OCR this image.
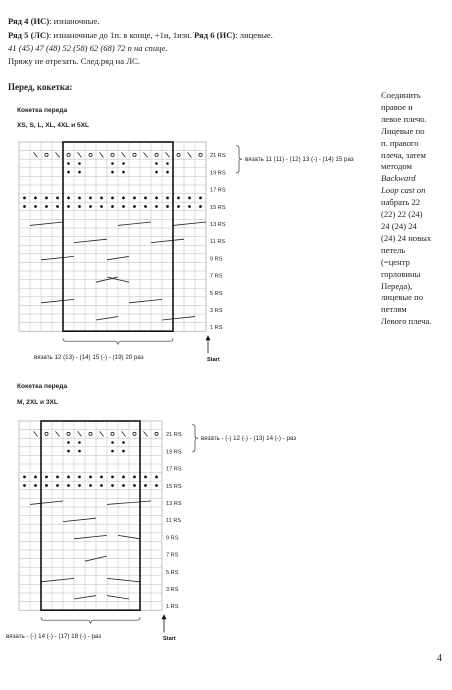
Ряд 4 (ИС): изнаночные.
Ряд 5 (ЛС): изнаночные до 1п. в конце, +1и, 1изн. Ряд 6 (ИС): лицевые.
41 (45) 47 (48) 52 (58) 62 (68) 72 п на спице.
Пряжу не отрезать. След.ряд на ЛС.
Перед, кокетка:
Соединить
правое и
левое плечо.
Лицевые по
п. правого
плеча, затем
методом
Backward
Loop cast on
набрать 22
(22) 22 (24)
24 (24) 24
(24) 24 новых
петель
(=центр
горловины
Переда),
лицевые по
петлям
Левого плеча.
Кокетка переда
XS, S, L, XL, 4XL и 5XL
Кокетка переда
M, 2XL и 3XL
21 RS
19 RS
17 RS
15 RS
13 RS
11 RS
9 RS
7 RS
5 RS
3 RS
1 RS
вязать 11 (11) - (12) 13 (-) - (14) 15 раз
вязать 12 (13) - (14) 15 (-) - (19) 20 раз	Start
21 RS
19 RS
17 RS
15 RS
13 RS
11 RS
9 RS
7 RS
5 RS
3 RS
1 RS
вязать - (-) 12 (-) - (13) 14 (-) - раз
вязать - (-) 14 (-) - (17) 18 (-) - раз	Start
4
